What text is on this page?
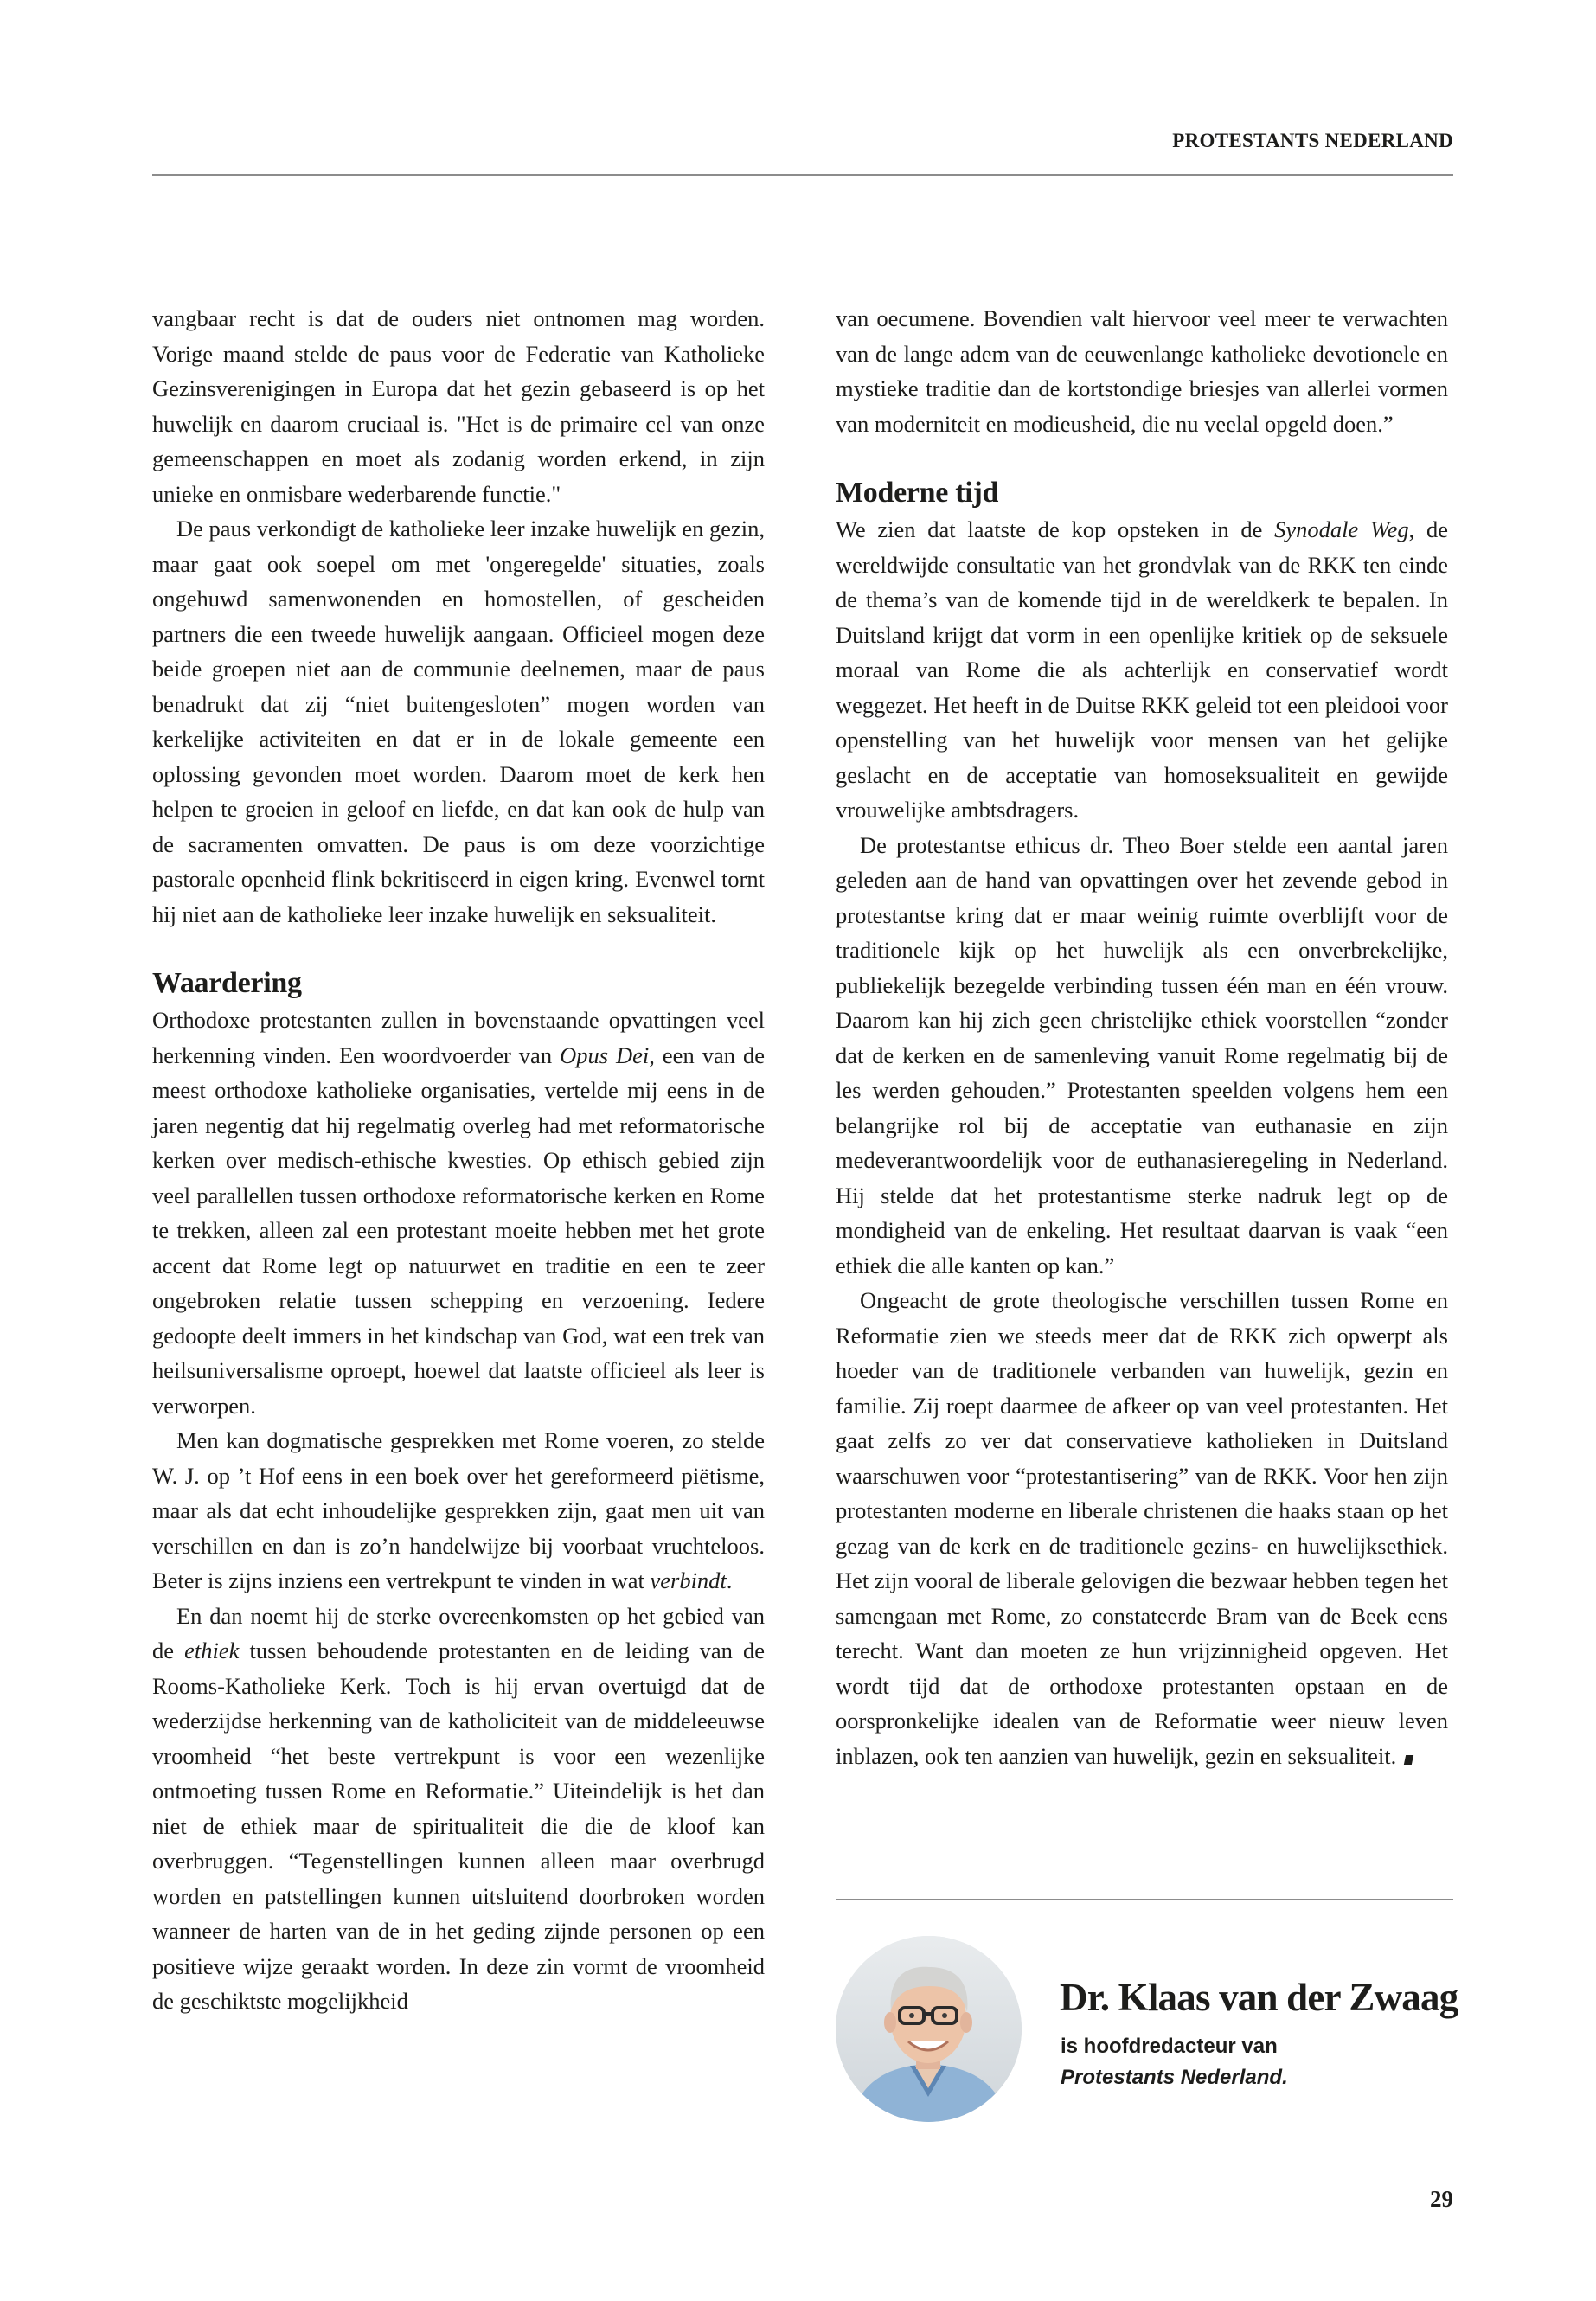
PROTESTANTS NEDERLAND

vangbaar recht is dat de ouders niet ontnomen mag worden. Vorige maand stelde de paus voor de Federatie van Katholieke Gezinsverenigingen in Europa dat het gezin gebaseerd is op het huwelijk en daarom cruciaal is. "Het is de primaire cel van onze gemeenschappen en moet als zodanig worden erkend, in zijn unieke en onmisbare wederbarende functie."

De paus verkondigt de katholieke leer inzake huwelijk en gezin, maar gaat ook soepel om met 'ongeregelde' situaties, zoals ongehuwd samenwonenden en homostellen, of gescheiden partners die een tweede huwelijk aangaan. Officieel mogen deze beide groepen niet aan de communie deelnemen, maar de paus benadrukt dat zij “niet buitengesloten” mogen worden van kerkelijke activiteiten en dat er in de lokale gemeente een oplossing gevonden moet worden. Daarom moet de kerk hen helpen te groeien in geloof en liefde, en dat kan ook de hulp van de sacramenten omvatten. De paus is om deze voorzichtige pastorale openheid flink bekritiseerd in eigen kring. Evenwel tornt hij niet aan de katholieke leer inzake huwelijk en seksualiteit.

Waardering

Orthodoxe protestanten zullen in bovenstaande opvattingen veel herkenning vinden. Een woordvoerder van Opus Dei, een van de meest orthodoxe katholieke organisaties, vertelde mij eens in de jaren negentig dat hij regelmatig overleg had met reformatorische kerken over medisch-ethische kwesties. Op ethisch gebied zijn veel parallellen tussen orthodoxe reformatorische kerken en Rome te trekken, alleen zal een protestant moeite hebben met het grote accent dat Rome legt op natuurwet en traditie en een te zeer ongebroken relatie tussen schepping en verzoening. Iedere gedoopte deelt immers in het kindschap van God, wat een trek van heilsuniversalisme oproept, hoewel dat laatste officieel als leer is verworpen.

Men kan dogmatische gesprekken met Rome voeren, zo stelde W. J. op ’t Hof eens in een boek over het gereformeerd piëtisme, maar als dat echt inhoudelijke gesprekken zijn, gaat men uit van verschillen en dan is zo’n handelwijze bij voorbaat vruchteloos. Beter is zijns inziens een vertrekpunt te vinden in wat verbindt.

En dan noemt hij de sterke overeenkomsten op het gebied van de ethiek tussen behoudende protestanten en de leiding van de Rooms-Katholieke Kerk. Toch is hij ervan overtuigd dat de wederzijdse herkenning van de katholiciteit van de middeleeuwse vroomheid “het beste vertrekpunt is voor een wezenlijke ontmoeting tussen Rome en Reformatie.” Uiteindelijk is het dan niet de ethiek maar de spiritualiteit die die de kloof kan overbruggen. “Tegenstellingen kunnen alleen maar overbrugd worden en patstellingen kunnen uitsluitend doorbroken worden wanneer de harten van de in het geding zijnde personen op een positieve wijze geraakt worden. In deze zin vormt de vroomheid de geschiktste mogelijkheid

van oecumene. Bovendien valt hiervoor veel meer te verwachten van de lange adem van de eeuwenlange katholieke devotionele en mystieke traditie dan de kortstondige briesjes van allerlei vormen van moderniteit en modieusheid, die nu veelal opgeld doen.”

Moderne tijd

We zien dat laatste de kop opsteken in de Synodale Weg, de wereldwijde consultatie van het grondvlak van de RKK ten einde de thema’s van de komende tijd in de wereldkerk te bepalen. In Duitsland krijgt dat vorm in een openlijke kritiek op de seksuele moraal van Rome die als achterlijk en conservatief wordt weggezet. Het heeft in de Duitse RKK geleid tot een pleidooi voor openstelling van het huwelijk voor mensen van het gelijke geslacht en de acceptatie van homoseksualiteit en gewijde vrouwelijke ambtsdragers.

De protestantse ethicus dr. Theo Boer stelde een aantal jaren geleden aan de hand van opvattingen over het zevende gebod in protestantse kring dat er maar weinig ruimte overblijft voor de traditionele kijk op het huwelijk als een onverbrekelijke, publiekelijk bezegelde verbinding tussen één man en één vrouw. Daarom kan hij zich geen christelijke ethiek voorstellen “zonder dat de kerken en de samenleving vanuit Rome regelmatig bij de les werden gehouden.” Protestanten speelden volgens hem een belangrijke rol bij de acceptatie van euthanasie en zijn medeverantwoordelijk voor de euthanasieregeling in Nederland. Hij stelde dat het protestantisme sterke nadruk legt op de mondigheid van de enkeling. Het resultaat daarvan is vaak “een ethiek die alle kanten op kan.”

Ongeacht de grote theologische verschillen tussen Rome en Reformatie zien we steeds meer dat de RKK zich opwerpt als hoeder van de traditionele verbanden van huwelijk, gezin en familie. Zij roept daarmee de afkeer op van veel protestanten. Het gaat zelfs zo ver dat conservatieve katholieken in Duitsland waarschuwen voor “protestantisering” van de RKK. Voor hen zijn protestanten moderne en liberale christenen die haaks staan op het gezag van de kerk en de traditionele gezins- en huwelijksethiek. Het zijn vooral de liberale gelovigen die bezwaar hebben tegen het samengaan met Rome, zo constateerde Bram van de Beek eens terecht. Want dan moeten ze hun vrijzinnigheid opgeven. Het wordt tijd dat de orthodoxe protestanten opstaan en de oorspronkelijke idealen van de Reformatie weer nieuw leven inblazen, ook ten aanzien van huwelijk, gezin en seksualiteit.

Dr. Klaas van der Zwaag
is hoofdredacteur van
Protestants Nederland.
29
